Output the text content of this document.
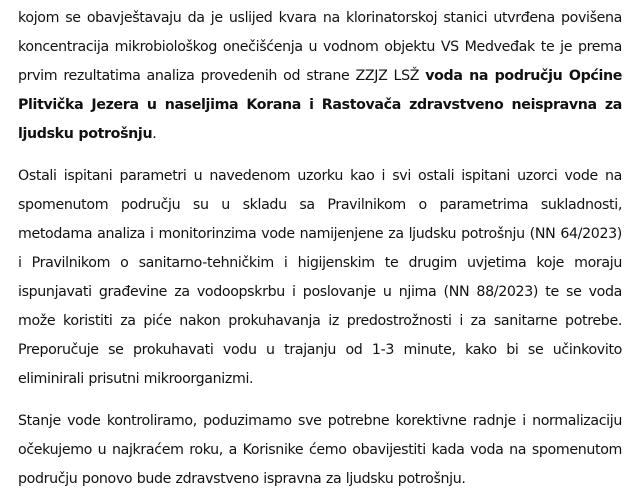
kojom se obavještavaju da je uslijed kvara na klorinatorskoj stanici utvrđena povišena koncentracija mikrobiološkog onečišćenja u vodnom objektu VS Medveđak te je prema prvim rezultatima analiza provedenih od strane ZZJZ LSŽ voda na području Općine Plitvička Jezera u naseljima Korana i Rastovača zdravstveno neispravna za ljudsku potrošnju.

Ostali ispitani parametri u navedenom uzorku kao i svi ostali ispitani uzorci vode na spomenutom području su u skladu sa Pravilnikom o parametrima sukladnosti, metodama analiza i monitorinzima vode namijenjene za ljudsku potrošnju (NN 64/2023) i Pravilnikom o sanitarno-tehničkim i higijenskim te drugim uvjetima koje moraju ispunjavati građevine za vodoopskrbu i poslovanje u njima (NN 88/2023) te se voda može koristiti za piće nakon prokuhavanja iz predostrožnosti i za sanitarne potrebe. Preporučuje se prokuhavati vodu u trajanju od 1-3 minute, kako bi se učinkovito eliminirali prisutni mikroorganizmi.

Stanje vode kontroliramo, poduzimamo sve potrebne korektivne radnje i normalizaciju očekujemo u najkraćem roku, a Korisnike ćemo obavijestiti kada voda na spomenutom području ponovo bude zdravstveno ispravna za ljudsku potrošnju.
